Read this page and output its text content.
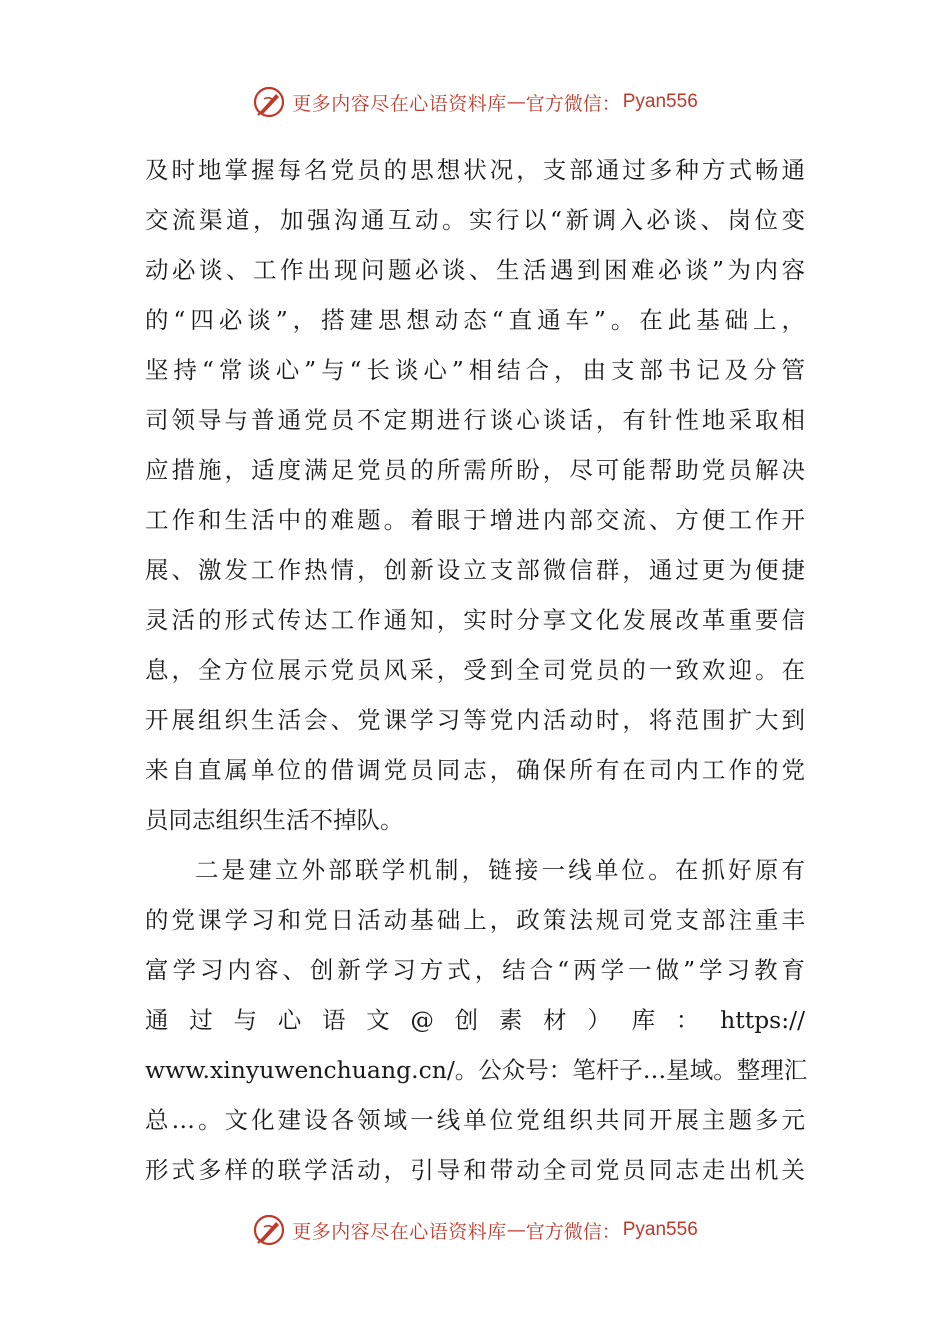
更多内容尽在心语资料库 — 官方微信： Pyan556
及时地掌握每名党员的思想状况，支部通过多种方式畅通
交流渠道，加强沟通互动。实行以“新调入必谈、岗位变
动必谈、工作出现问题必谈、生活遇到困难必谈”为内容
的“四必谈”，搭建思想动态“直通车”。在此基础上，
坚持“常谈心”与“长谈心”相结合，由支部书记及分管
司领导与普通党员不定期进行谈心谈话，有针性地采取相
应措施，适度满足党员的所需所盼，尽可能帮助党员解决
工作和生活中的难题。着眼于增进内部交流、方便工作开
展、激发工作热情，创新设立支部微信群，通过更为便捷
灵活的形式传达工作通知，实时分享文化发展改革重要信
息，全方位展示党员风采，受到全司党员的一致欢迎。在
开展组织生活会、党课学习等党内活动时，将范围扩大到
来自直属单位的借调党员同志，确保所有在司内工作的党
员同志组织生活不掉队。
二是建立外部联学机制，链接一线单位。在抓好原有
的党课学习和党日活动基础上，政策法规司党支部注重丰
富学习内容、创新学习方式，结合“两学一做”学习教育
通过与心语文@创素材）库：https://
www.xinyuwenchuang.cn/。公众号：笔杆子…星域。整理汇
总…。文化建设各领域一线单位党组织共同开展主题多元
形式多样的联学活动，引导和带动全司党员同志走出机关
更多内容尽在心语资料库 — 官方微信： Pyan556
